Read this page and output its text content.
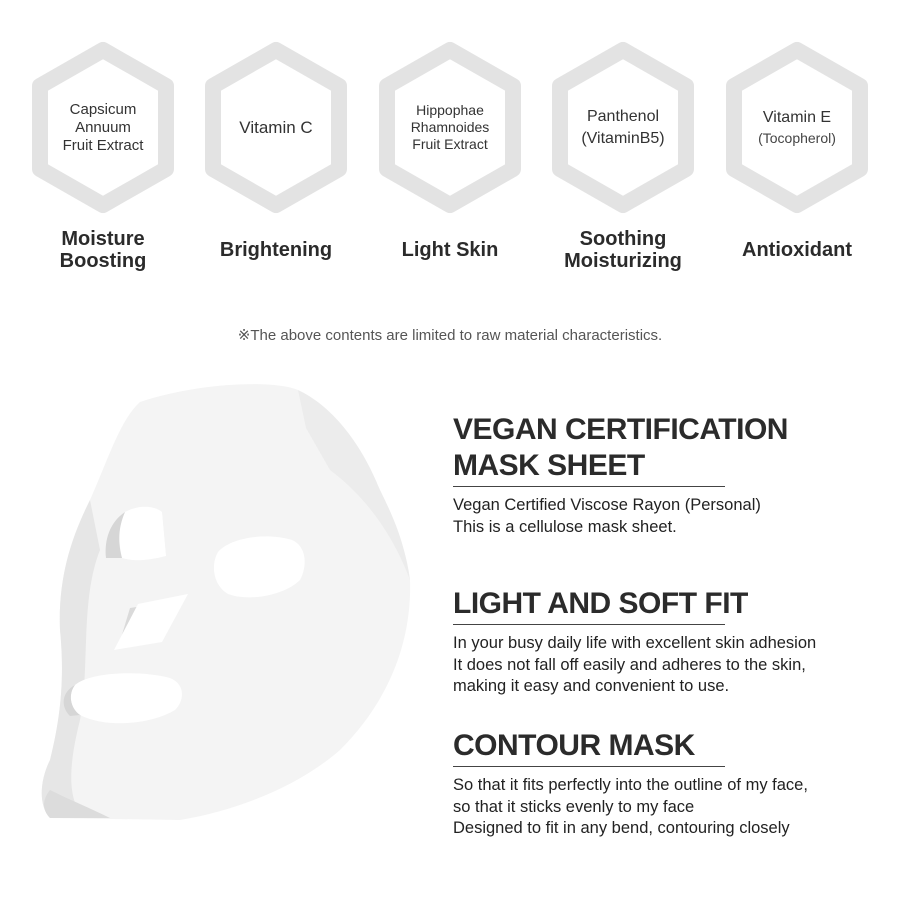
Capsicum
Annuum
Fruit Extract
Moisture
Boosting
Vitamin C
Brightening
Hippophae
Rhamnoides
Fruit Extract
Light Skin
Panthenol
(VitaminB5)
Soothing
Moisturizing
Vitamin E
(Tocopherol)
Antioxidant
※The above contents are limited to raw material characteristics.
VEGAN CERTIFICATION
MASK SHEET
Vegan Certified Viscose Rayon (Personal)
This is a cellulose mask sheet.
LIGHT AND SOFT FIT
In your busy daily life with excellent skin adhesion
It does not fall off easily and adheres to the skin,
making it easy and convenient to use.
CONTOUR MASK
So that it fits perfectly into the outline of my face,
so that it sticks evenly to my face
Designed to fit in any bend, contouring closely
